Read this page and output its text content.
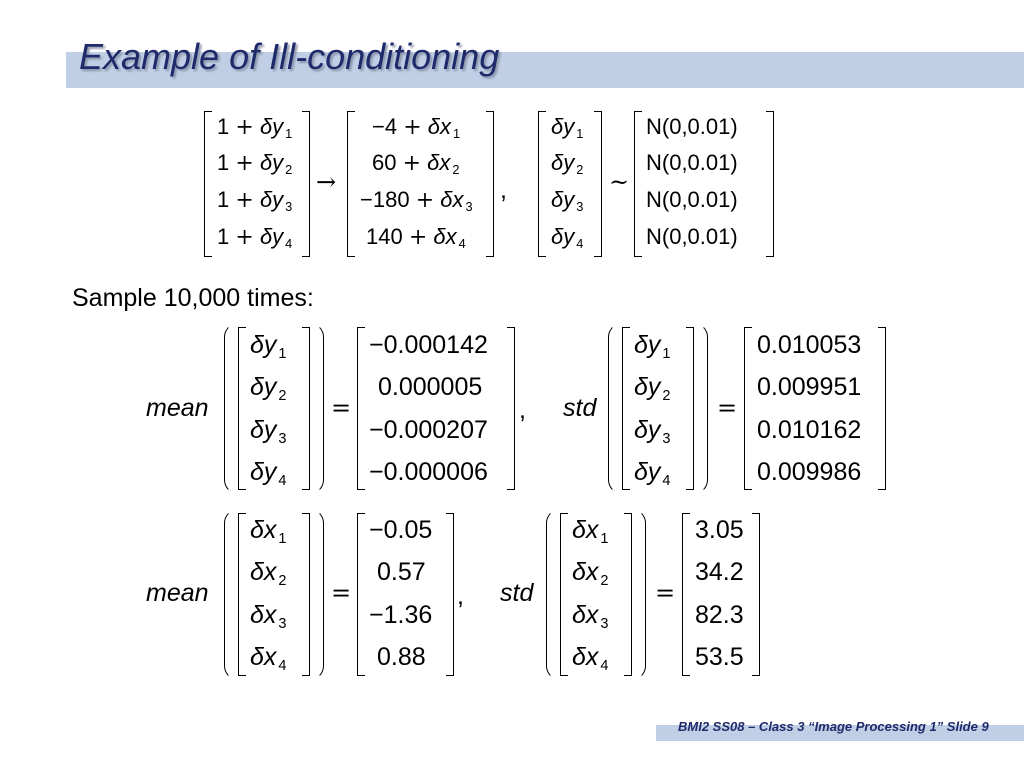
Example of Ill-conditioning
1 + δy $_1$
1 + δy $_2$
1 + δy $_3$
1 + δy $_4$
→
−4 + δx $_1$
60 + δx $_2$
−180 + δx $_3$
140 + δx $_4$
,
δy $_1$
δy $_2$
δy $_3$
δy $_4$
~
N(0,0.01)
N(0,0.01)
N(0,0.01)
N(0,0.01)
Sample 10,000 times:
mean
δy $_1$
δy $_2$
δy $_3$
δy $_4$
=
−0.000142
0.000005
−0.000207
−0.000006
, std
δy $_1$
δy $_2$
δy $_3$
δy $_4$
=
0.010053
0.009951
0.010162
0.009986
mean
δx $_1$
δx $_2$
δx $_3$
δx $_4$
=
−0.05
0.57
−1.36
0.88
, std
δx $_1$
δx $_2$
δx $_3$
δx $_4$
=
3.05
34.2
82.3
53.5
BMI2 SS08 – Class 3 “Image Processing 1” Slide 9
